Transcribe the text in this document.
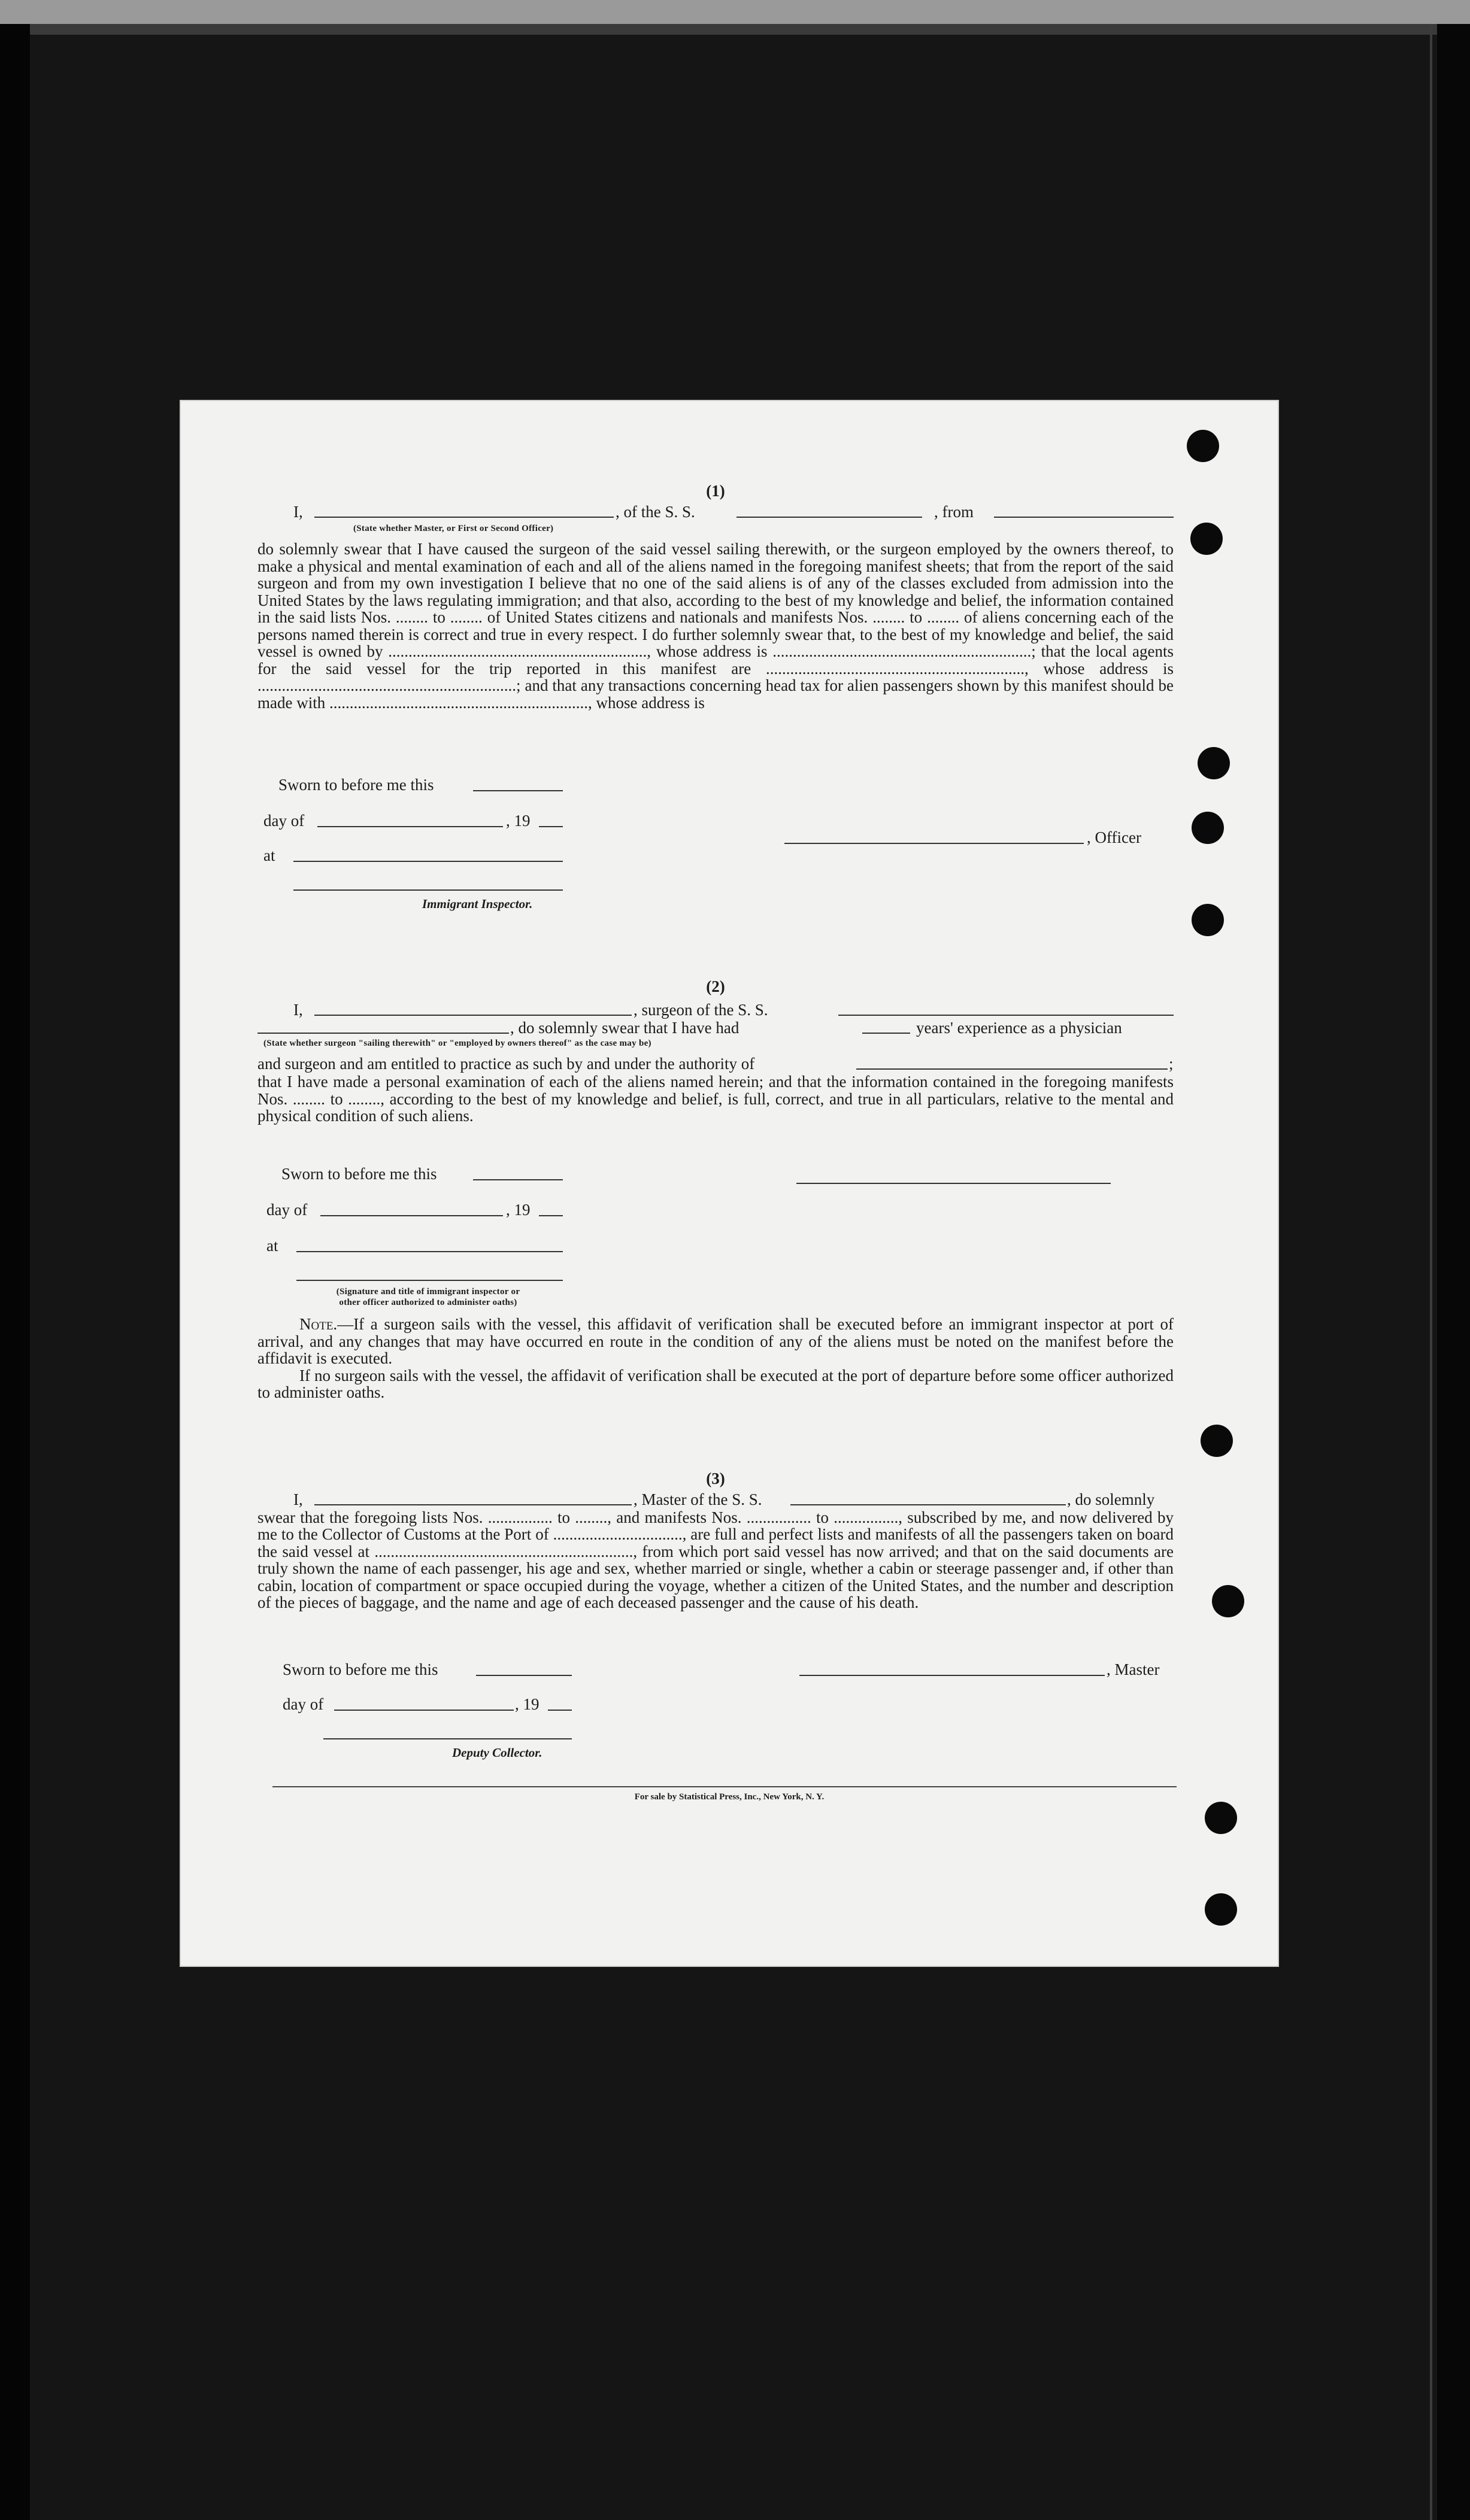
(1)
I,	, of the S. S.	, from
(State whether Master, or First or Second Officer)

do solemnly swear that I have caused the surgeon of the said vessel sailing therewith, or the surgeon employed by the owners thereof, to make a physical and mental examination of each and all of the aliens named in the foregoing manifest sheets; that from the report of the said surgeon and from my own investigation I believe that no one of the said aliens is of any of the classes excluded from admission into the United States by the laws regulating immigration; and that also, according to the best of my knowledge and belief, the information contained in the said lists Nos. ........ to ........ of United States citizens and nationals and manifests Nos. ........ to ........ of aliens concerning each of the persons named therein is correct and true in every respect. I do further solemnly swear that, to the best of my knowledge and belief, the said vessel is owned by ................................................................, whose address is ................................................................; that the local agents for the said vessel for the trip reported in this manifest are ................................................................, whose address is ................................................................; and that any transactions concerning head tax for alien passengers shown by this manifest should be made with ................................................................, whose address is

Sworn to before me this
day of	, 19
at
Immigrant Inspector.
, Officer
(2)
I,	, surgeon of the S. S.
, do solemnly swear that I have had	years' experience as a physician
(State whether surgeon "sailing therewith" or "employed by owners thereof" as the case may be)
and surgeon and am entitled to practice as such by and under the authority of	;

that I have made a personal examination of each of the aliens named herein; and that the information contained in the foregoing manifests Nos. ........ to ........, according to the best of my knowledge and belief, is full, correct, and true in all particulars, relative to the mental and physical condition of such aliens.

Sworn to before me this
day of	, 19
at
(Signature and title of immigrant inspector or
other officer authorized to administer oaths)

Note.—If a surgeon sails with the vessel, this affidavit of verification shall be executed before an immigrant inspector at port of arrival, and any changes that may have occurred en route in the condition of any of the aliens must be noted on the manifest before the affidavit is executed.

If no surgeon sails with the vessel, the affidavit of verification shall be executed at the port of departure before some officer authorized to administer oaths.

(3)
I,	, Master of the S. S.	, do solemnly

swear that the foregoing lists Nos. ................ to ........, and manifests Nos. ................ to ................, subscribed by me, and now delivered by me to the Collector of Customs at the Port of ................................, are full and perfect lists and manifests of all the passengers taken on board the said vessel at ................................................................, from which port said vessel has now arrived; and that on the said documents are truly shown the name of each passenger, his age and sex, whether married or single, whether a cabin or steerage passenger and, if other than cabin, location of compartment or space occupied during the voyage, whether a citizen of the United States, and the number and description of the pieces of baggage, and the name and age of each deceased passenger and the cause of his death.

Sworn to before me this
day of	, 19
Deputy Collector.
, Master
For sale by Statistical Press, Inc., New York, N. Y.
